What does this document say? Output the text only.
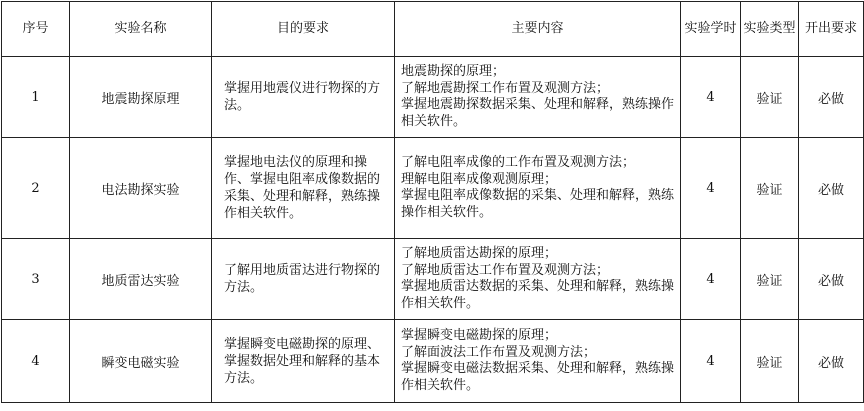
序号	实验名称	目的要求	主要内容	实验学时	实验类型	开出要求
1	地震勘探原理	掌握用地震仪进行物探的方法。	地震勘探的原理；
了解地震勘探工作布置及观测方法；
掌握地震勘探数据采集、处理和解释，熟练操作相关软件。	4	验证	必做
2	电法勘探实验	掌握地电法仪的原理和操作、掌握电阻率成像数据的采集、处理和解释，熟练操作相关软件。	了解电阻率成像的工作布置及观测方法；
理解电阻率成像观测原理；
掌握电阻率成像数据的采集、处理和解释，熟练操作相关软件。	4	验证	必做
3	地质雷达实验	了解用地质雷达进行物探的方法。	了解地质雷达勘探的原理；
了解地质雷达工作布置及观测方法；
掌握地质雷达数据的采集、处理和解释，熟练操作相关软件。	4	验证	必做
4	瞬变电磁实验	掌握瞬变电磁勘探的原理、掌握数据处理和解释的基本方法。	掌握瞬变电磁勘探的原理；
了解面波法工作布置及观测方法；
掌握瞬变电磁法数据采集、处理和解释，熟练操作相关软件。	4	验证	必做
